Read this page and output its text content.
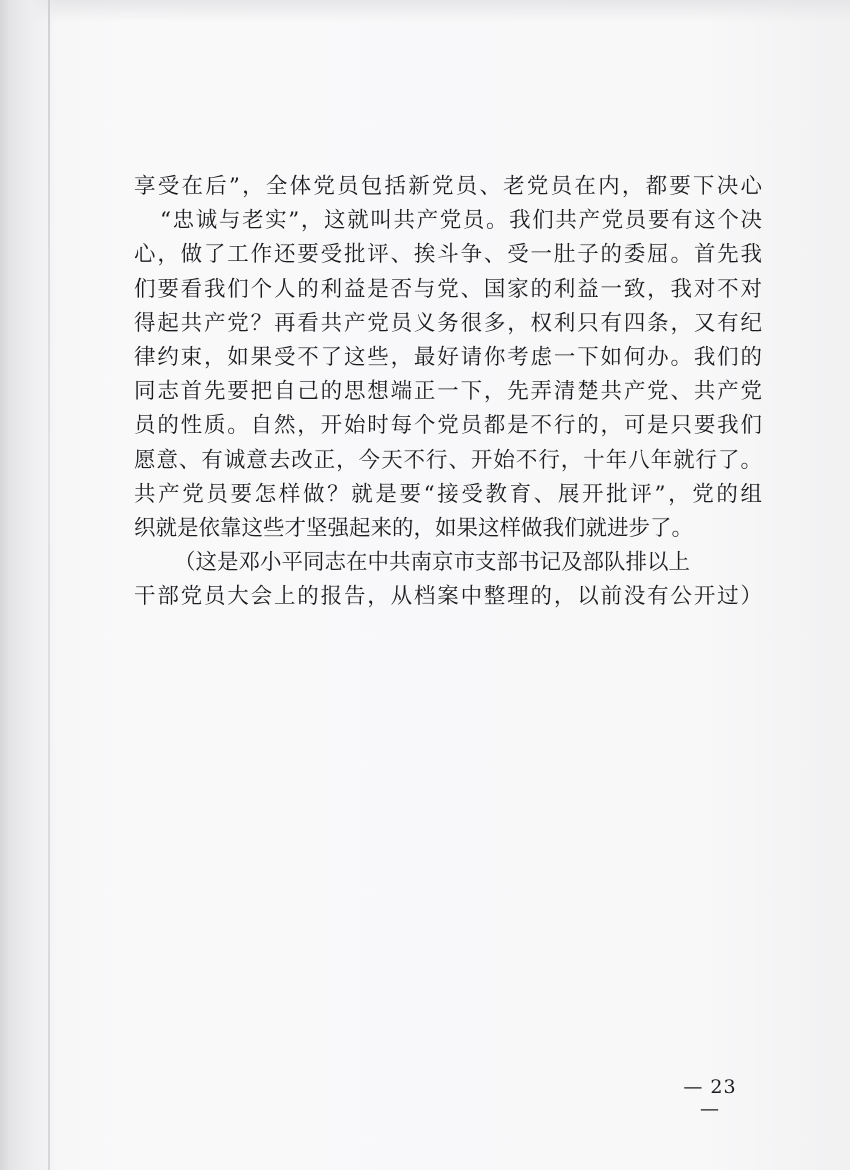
享受在后”，全体党员包括新党员、老党员在内，都要下决心
“忠诚与老实”，这就叫共产党员。我们共产党员要有这个决
心，做了工作还要受批评、挨斗争、受一肚子的委屈。首先我
们要看我们个人的利益是否与党、国家的利益一致，我对不对
得起共产党？再看共产党员义务很多，权利只有四条，又有纪
律约束，如果受不了这些，最好请你考虑一下如何办。我们的
同志首先要把自己的思想端正一下，先弄清楚共产党、共产党
员的性质。自然，开始时每个党员都是不行的，可是只要我们
愿意、有诚意去改正，今天不行、开始不行，十年八年就行了。
共产党员要怎样做？就是要“接受教育、展开批评”，党的组
织就是依靠这些才坚强起来的，如果这样做我们就进步了。
（这是邓小平同志在中共南京市支部书记及部队排以上
干部党员大会上的报告，从档案中整理的，以前没有公开过）
— 23 —
